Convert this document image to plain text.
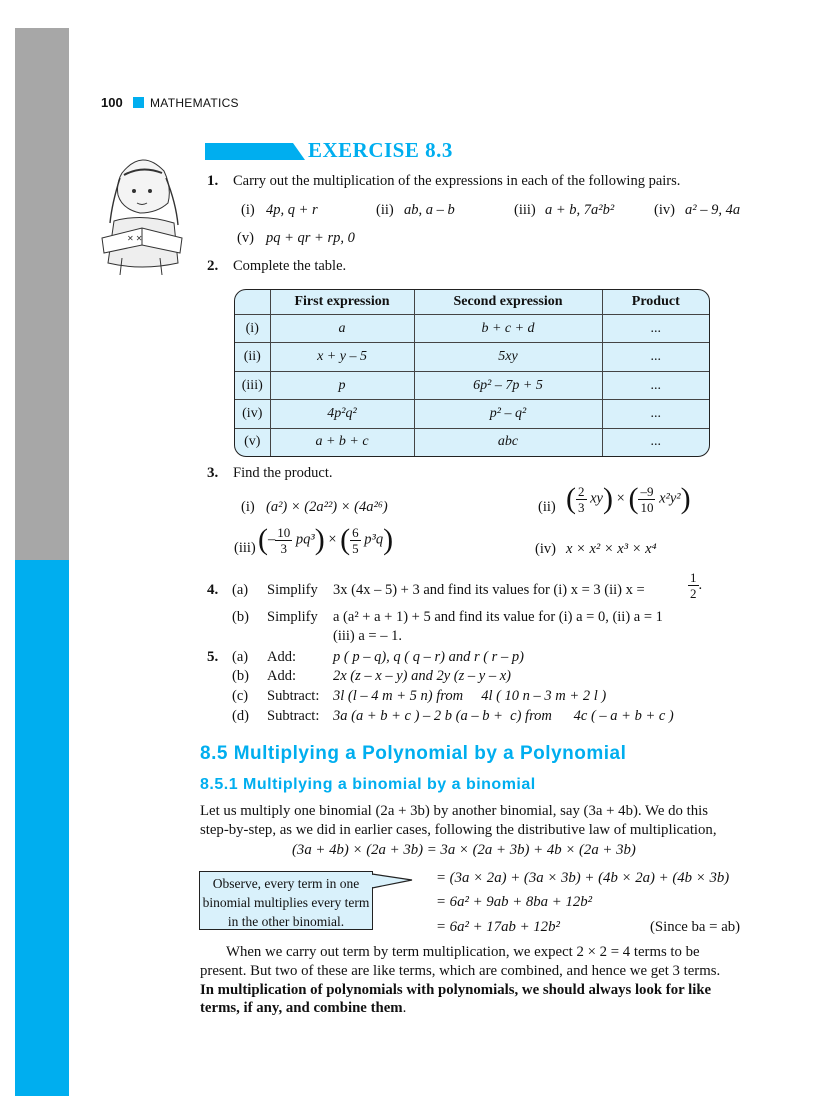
100 MATHEMATICS
✕ ✕
EXERCISE 8.3
1. Carry out the multiplication of the expressions in each of the following pairs.
(i) 4p, q + r	(ii) ab, a – b	(iii) a + b, 7a²b²	(iv) a² – 9, 4a
(v) pq + qr + rp, 0
2. Complete the table.
	First expression	Second expression	Product
(i)	a	b + c + d	...
(ii)	x + y – 5	5xy	...
(iii)	p	6p² – 7p + 5	...
(iv)	4p²q²	p² – q²	...
(v)	a + b + c	abc	...
3. Find the product.
(i) (a²) × (2a²²) × (4a²⁶)	(ii) ( $\frac{2}{3} xy$) × ( $\frac{-9}{10} x^2y^2$)
(iii) (– $\frac{10}{3} pq^3$) × ( $\frac{6}{5} p^3q$)	(iv) x × x² × x³ × x⁴
4. (a) Simplify 3x (4x – 5) + 3 and find its values for (i) x = 3 (ii) x =	$\frac{1}{2}$ .
(b) Simplify a (a² + a + 1) + 5 and find its value for (i) a = 0, (ii) a = 1
(iii) a = – 1.
5. (a) Add:	p ( p – q), q ( q – r) and r ( r – p)
(b) Add:	2x (z – x – y) and 2y (z – y – x)
(c) Subtract: 3l (l – 4 m + 5 n) from     4l ( 10 n – 3 m + 2 l )
(d) Subtract: 3a (a + b + c ) – 2 b (a – b +  c) from      4c ( – a + b + c )
8.5 Multiplying a Polynomial by a Polynomial
8.5.1 Multiplying a binomial by a binomial
Let us multiply one binomial (2a + 3b) by another binomial, say (3a + 4b). We do this
step-by-step, as we did in earlier cases, following the distributive law of multiplication,
(3a + 4b) × (2a + 3b) = 3a × (2a + 3b) + 4b × (2a + 3b)
Observe, every term in one binomial multiplies every term in the other binomial.
= (3a × 2a) + (3a × 3b) + (4b × 2a) + (4b × 3b)
= 6a² + 9ab + 8ba + 12b²
= 6a² + 17ab + 12b²	(Since ba = ab)
When we carry out term by term multiplication, we expect 2 × 2 = 4 terms to be
present. But two of these are like terms, which are combined, and hence we get 3 terms.
In multiplication of polynomials with polynomials, we should always look for like
terms, if any, and combine them.
